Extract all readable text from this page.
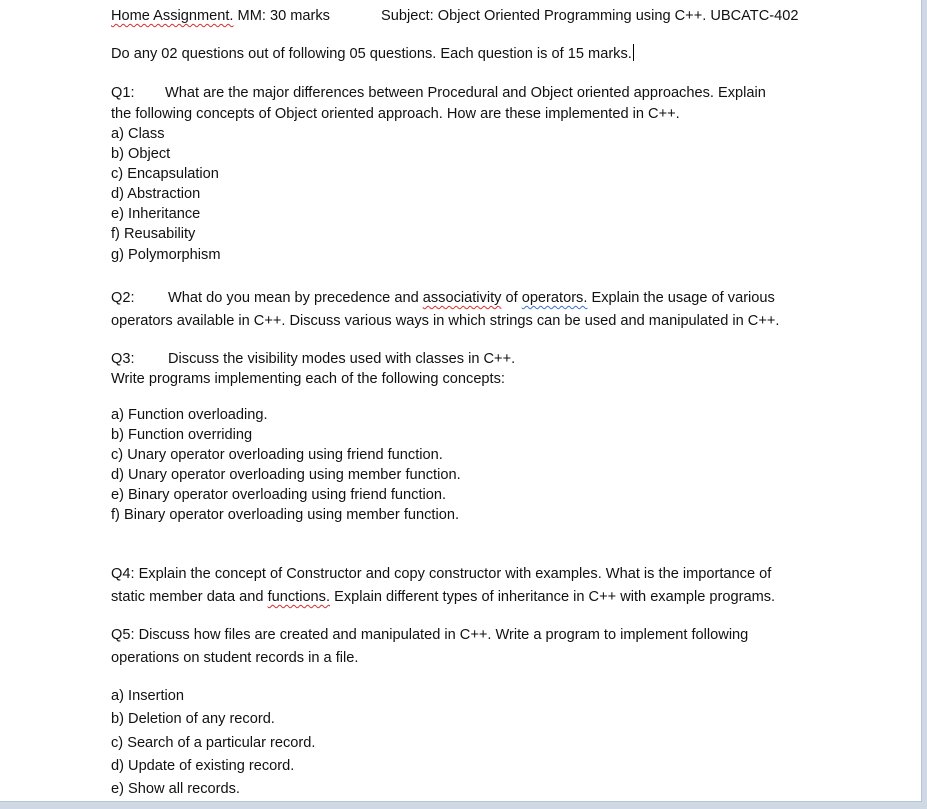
Home Assignment. MM: 30 marks	Subject: Object Oriented Programming using C++. UBCATC-402
Do any 02 questions out of following 05 questions. Each question is of 15 marks.
Q1: What are the major differences between Procedural and Object oriented approaches. Explain
the following concepts of Object oriented approach. How are these implemented in C++.
a) Class
b) Object
c) Encapsulation
d) Abstraction
e) Inheritance
f) Reusability
g) Polymorphism
Q2: What do you mean by precedence and associativity of operators. Explain the usage of various
operators available in C++. Discuss various ways in which strings can be used and manipulated in C++.
Q3: Discuss the visibility modes used with classes in C++.
Write programs implementing each of the following concepts:
a) Function overloading.
b) Function overriding
c) Unary operator overloading using friend function.
d) Unary operator overloading using member function.
e) Binary operator overloading using friend function.
f) Binary operator overloading using member function.
Q4: Explain the concept of Constructor and copy constructor with examples. What is the importance of
static member data and functions. Explain different types of inheritance in C++ with example programs.
Q5: Discuss how files are created and manipulated in C++. Write a program to implement following
operations on student records in a file.
a) Insertion
b) Deletion of any record.
c) Search of a particular record.
d) Update of existing record.
e) Show all records.
